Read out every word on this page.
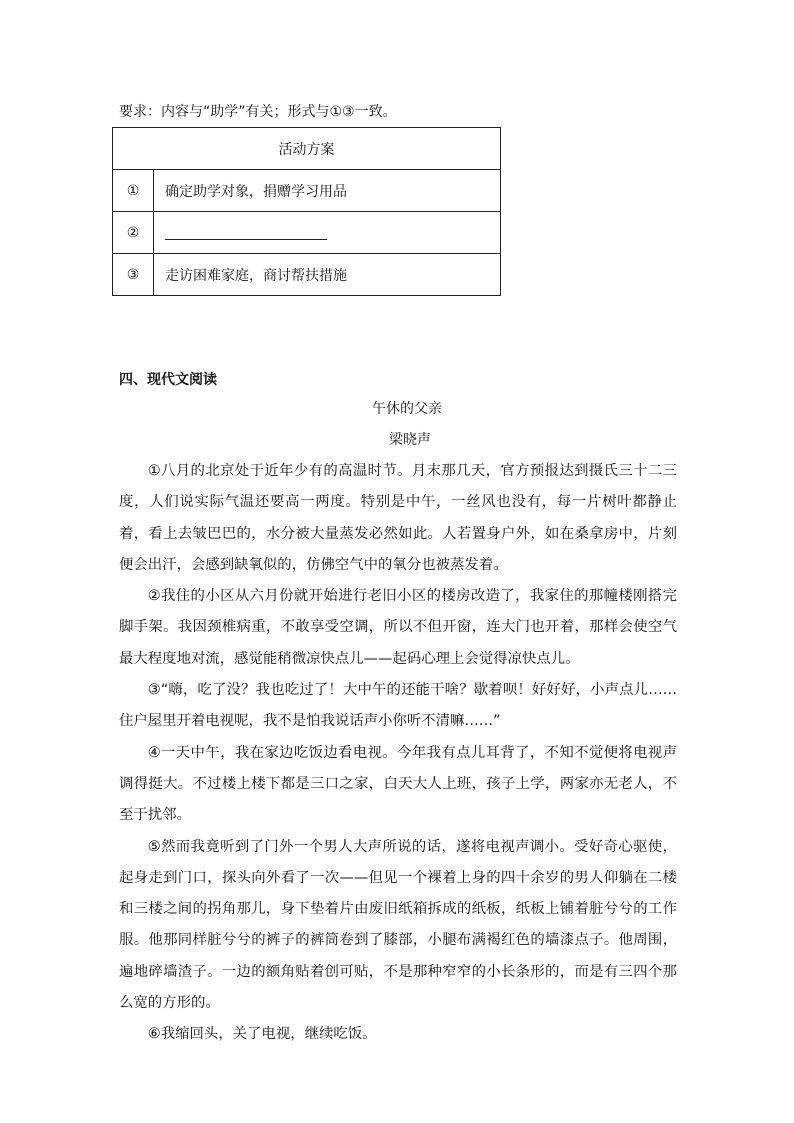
要求：内容与“助学”有关；形式与①③一致。
活动方案	
①	确定助学对象，捐赠学习用品
②	
③	走访困难家庭，商讨帮扶措施
四、现代文阅读
午休的父亲
梁晓声

①八月的北京处于近年少有的高温时节。月末那几天，官方预报达到摄氏三十二三度，人们说实际气温还要高一两度。特别是中午，一丝风也没有，每一片树叶都静止着，看上去皱巴巴的，水分被大量蒸发必然如此。人若置身户外，如在桑拿房中，片刻便会出汗，会感到缺氧似的，仿佛空气中的氧分也被蒸发着。

②我住的小区从六月份就开始进行老旧小区的楼房改造了，我家住的那幢楼刚搭完脚手架。我因颈椎病重，不敢享受空调，所以不但开窗，连大门也开着，那样会使空气最大程度地对流，感觉能稍微凉快点儿——起码心理上会觉得凉快点儿。

③“嗨，吃了没？我也吃过了！大中午的还能干啥？歇着呗！好好好，小声点儿……住户屋里开着电视呢，我不是怕我说话声小你听不清嘛……”

④一天中午，我在家边吃饭边看电视。今年我有点儿耳背了，不知不觉便将电视声调得挺大。不过楼上楼下都是三口之家，白天大人上班，孩子上学，两家亦无老人，不至于扰邻。

⑤然而我竟听到了门外一个男人大声所说的话，遂将电视声调小。受好奇心驱使，起身走到门口，探头向外看了一次——但见一个裸着上身的四十余岁的男人仰躺在二楼和三楼之间的拐角那儿，身下垫着片由废旧纸箱拆成的纸板，纸板上铺着脏兮兮的工作服。他那同样脏兮兮的裤子的裤筒卷到了膝部，小腿布满褐红色的墙漆点子。他周围，遍地碎墙渣子。一边的额角贴着创可贴，不是那种窄窄的小长条形的，而是有三四个那么宽的方形的。

⑥我缩回头，关了电视，继续吃饭。
